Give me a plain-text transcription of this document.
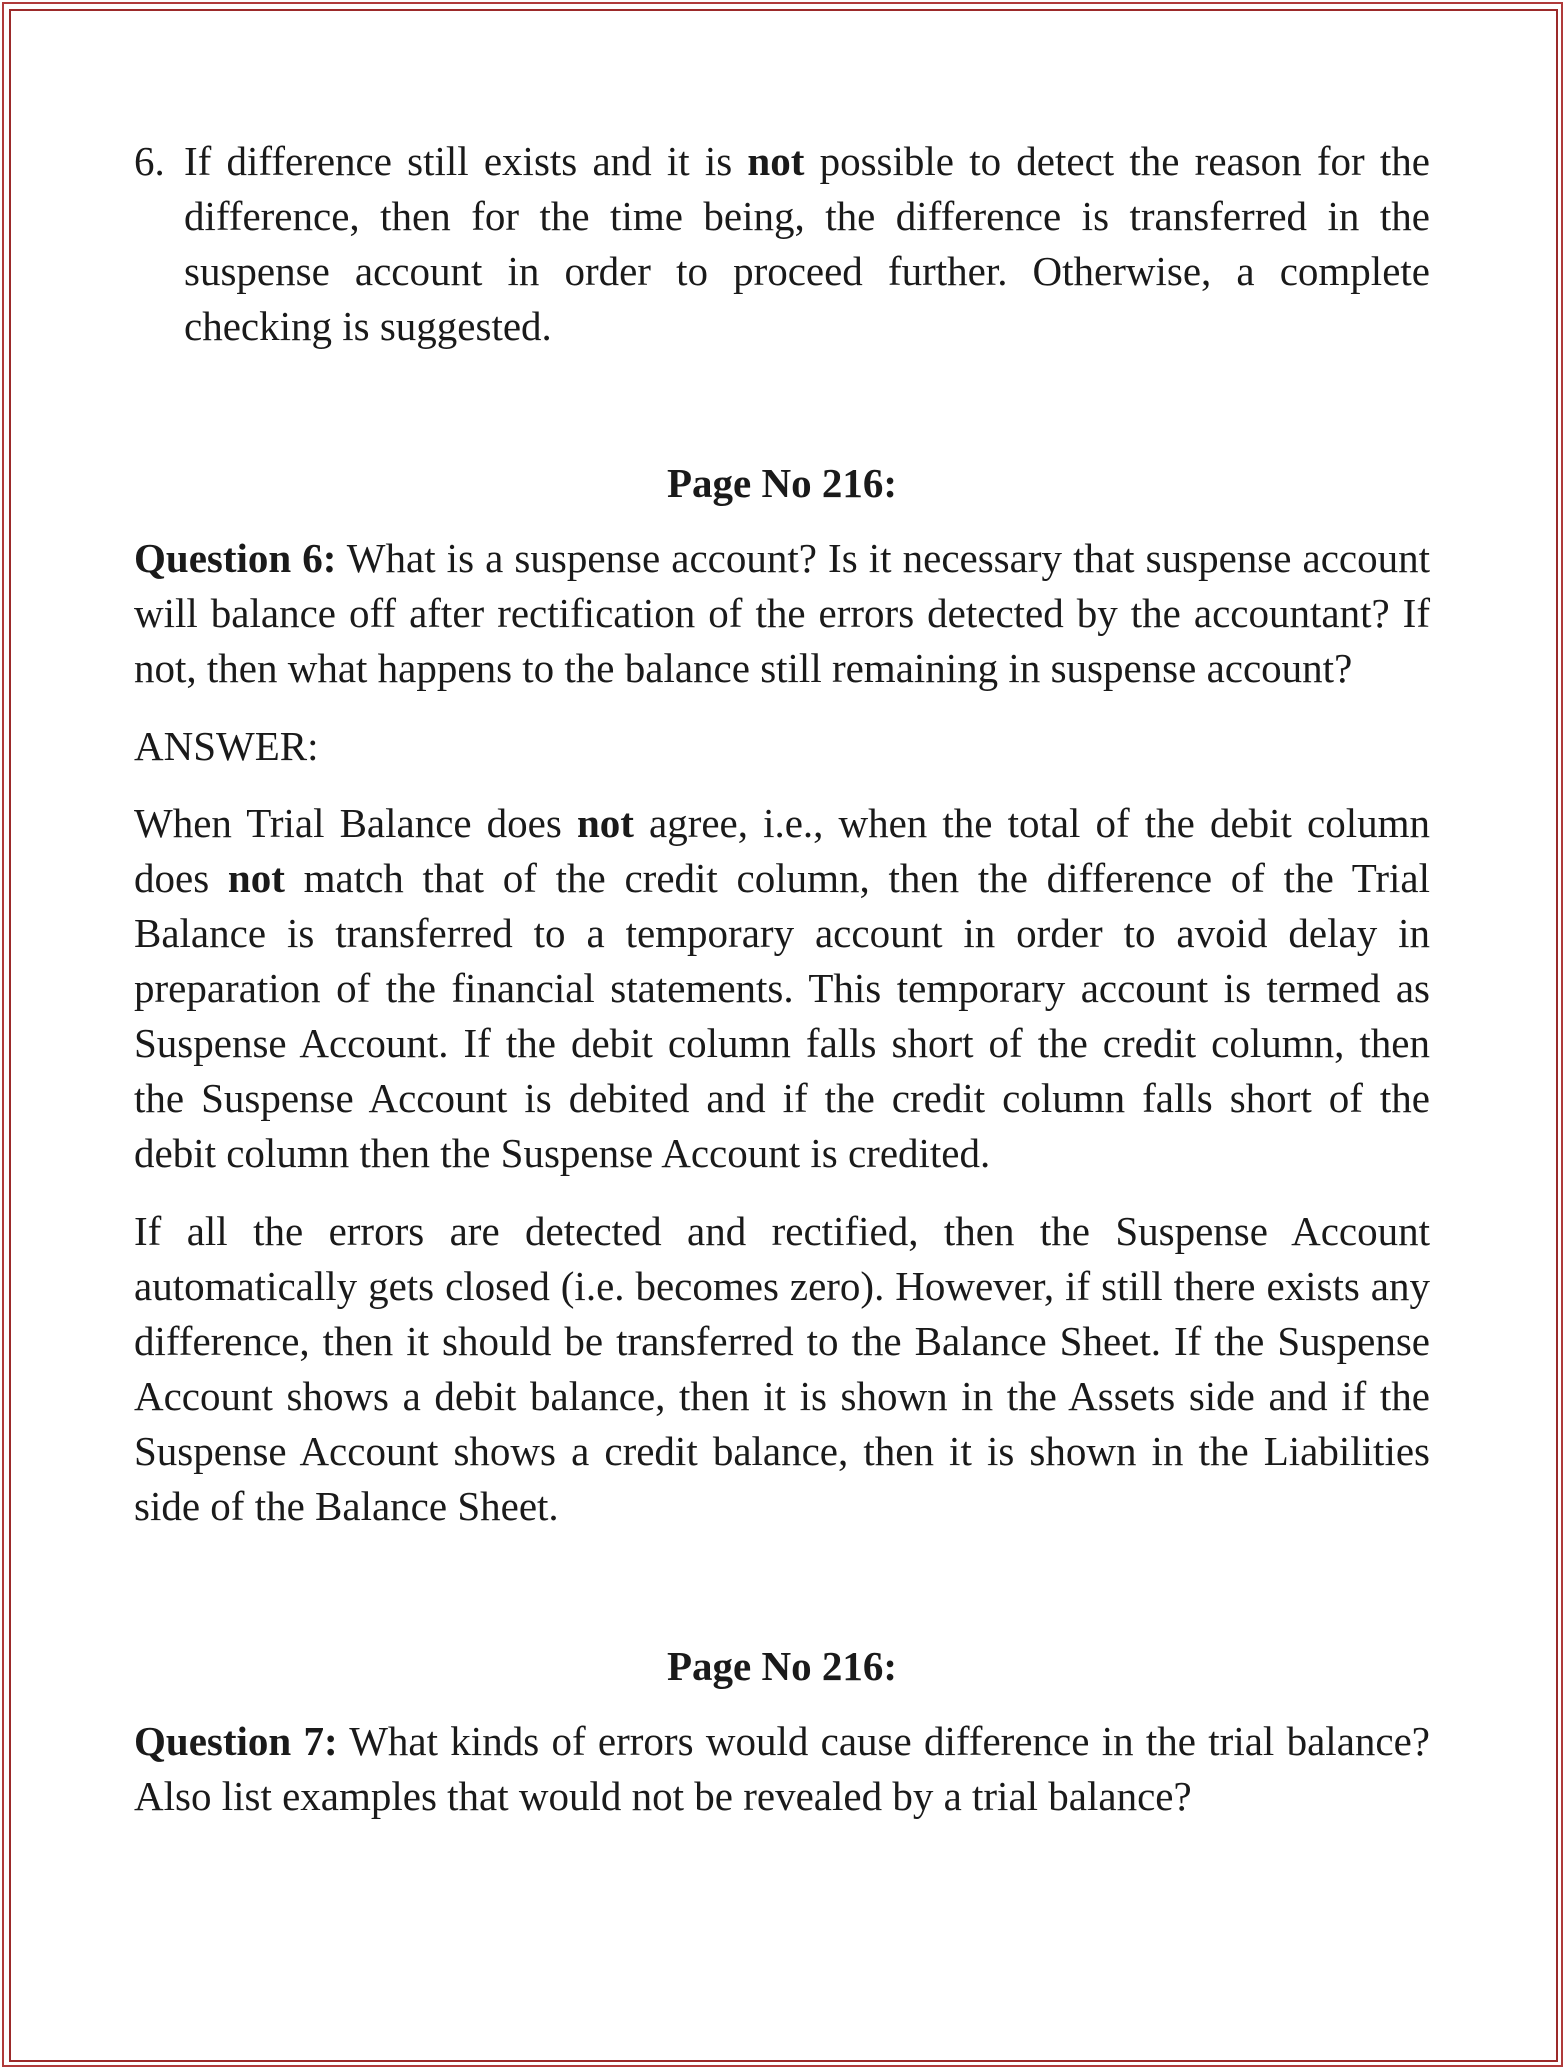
6. If difference still exists and it is not possible to detect the reason for the difference, then for the time being, the difference is transferred in the suspense account in order to proceed further. Otherwise, a complete checking is suggested.

Page No 216:

Question 6: What is a suspense account? Is it necessary that suspense account will balance off after rectification of the errors detected by the accountant? If not, then what happens to the balance still remaining in suspense account?

ANSWER:

When Trial Balance does not agree, i.e., when the total of the debit column does not match that of the credit column, then the difference of the Trial Balance is transferred to a temporary account in order to avoid delay in preparation of the financial statements. This temporary account is termed as Suspense Account. If the debit column falls short of the credit column, then the Suspense Account is debited and if the credit column falls short of the debit column then the Suspense Account is credited.

If all the errors are detected and rectified, then the Suspense Account automatically gets closed (i.e. becomes zero). However, if still there exists any difference, then it should be transferred to the Balance Sheet. If the Suspense Account shows a debit balance, then it is shown in the Assets side and if the Suspense Account shows a credit balance, then it is shown in the Liabilities side of the Balance Sheet.

Page No 216:

Question 7: What kinds of errors would cause difference in the trial balance? Also list examples that would not be revealed by a trial balance?
